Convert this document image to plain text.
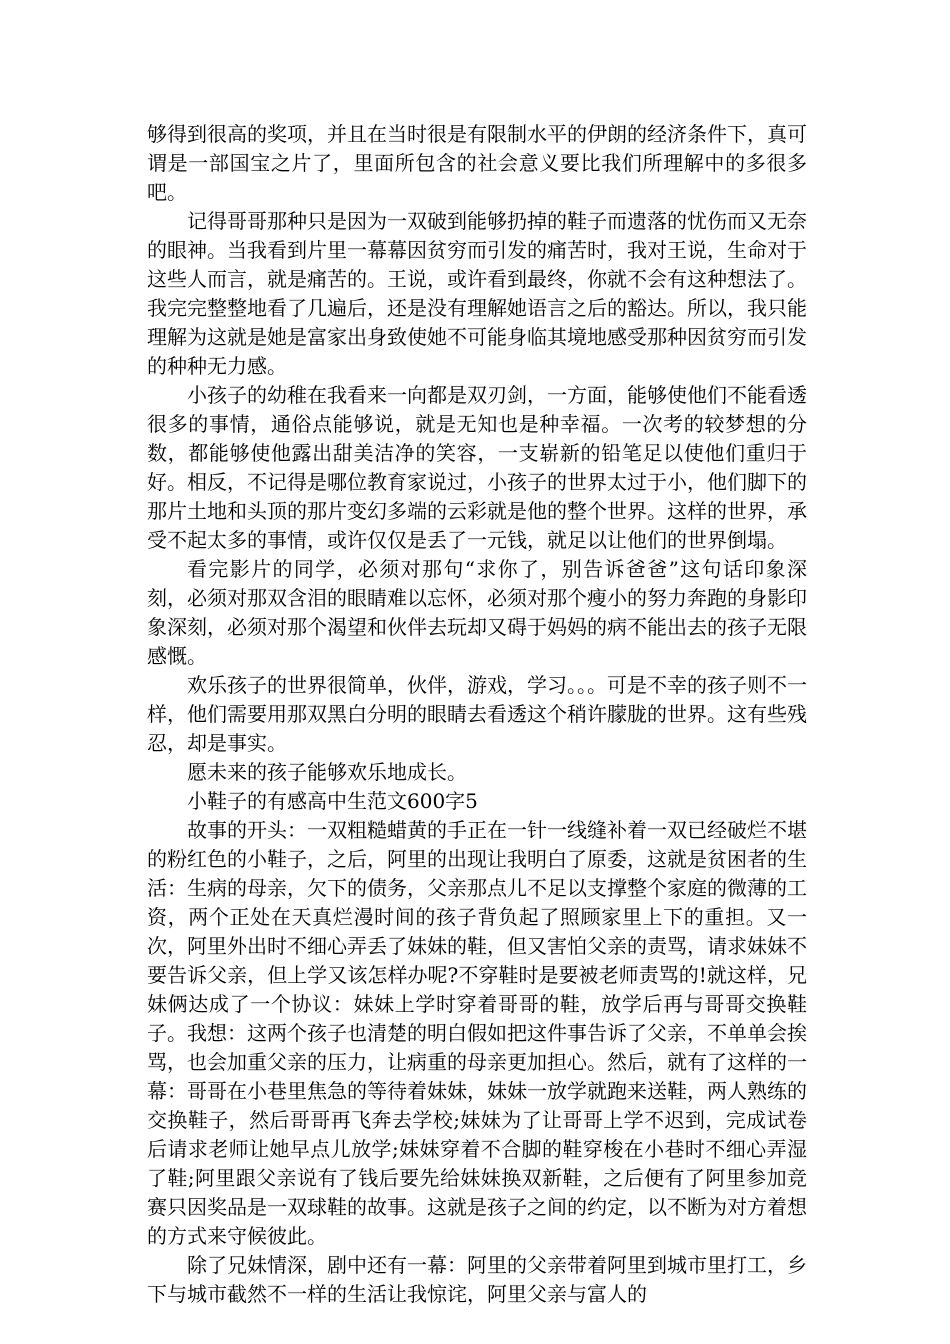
够得到很高的奖项，并且在当时很是有限制水平的伊朗的经济条件下，真可谓是一部国宝之片了，里面所包含的社会意义要比我们所理解中的多很多吧。

记得哥哥那种只是因为一双破到能够扔掉的鞋子而遗落的忧伤而又无奈的眼神。当我看到片里一幕幕因贫穷而引发的痛苦时，我对王说，生命对于这些人而言，就是痛苦的。王说，或许看到最终，你就不会有这种想法了。我完完整整地看了几遍后，还是没有理解她语言之后的豁达。所以，我只能理解为这就是她是富家出身致使她不可能身临其境地感受那种因贫穷而引发的种种无力感。

小孩子的幼稚在我看来一向都是双刃剑，一方面，能够使他们不能看透很多的事情，通俗点能够说，就是无知也是种幸福。一次考的较梦想的分数，都能够使他露出甜美洁净的笑容，一支崭新的铅笔足以使他们重归于好。相反，不记得是哪位教育家说过，小孩子的世界太过于小，他们脚下的那片土地和头顶的那片变幻多端的云彩就是他的整个世界。这样的世界，承受不起太多的事情，或许仅仅是丢了一元钱，就足以让他们的世界倒塌。

看完影片的同学，必须对那句“求你了，别告诉爸爸”这句话印象深刻，必须对那双含泪的眼睛难以忘怀，必须对那个瘦小的努力奔跑的身影印象深刻，必须对那个渴望和伙伴去玩却又碍于妈妈的病不能出去的孩子无限感慨。

欢乐孩子的世界很简单，伙伴，游戏，学习。。。可是不幸的孩子则不一样，他们需要用那双黑白分明的眼睛去看透这个稍许朦胧的世界。这有些残忍，却是事实。

愿未来的孩子能够欢乐地成长。

小鞋子的有感高中生范文600字5

故事的开头：一双粗糙蜡黄的手正在一针一线缝补着一双已经破烂不堪的粉红色的小鞋子，之后，阿里的出现让我明白了原委，这就是贫困者的生活：生病的母亲，欠下的债务，父亲那点儿不足以支撑整个家庭的微薄的工资，两个正处在天真烂漫时间的孩子背负起了照顾家里上下的重担。又一次，阿里外出时不细心弄丢了妹妹的鞋，但又害怕父亲的责骂，请求妹妹不要告诉父亲，但上学又该怎样办呢?不穿鞋时是要被老师责骂的!就这样，兄妹俩达成了一个协议：妹妹上学时穿着哥哥的鞋，放学后再与哥哥交换鞋子。我想：这两个孩子也清楚的明白假如把这件事告诉了父亲，不单单会挨骂，也会加重父亲的压力，让病重的母亲更加担心。然后，就有了这样的一幕：哥哥在小巷里焦急的等待着妹妹，妹妹一放学就跑来送鞋，两人熟练的交换鞋子，然后哥哥再飞奔去学校;妹妹为了让哥哥上学不迟到，完成试卷后请求老师让她早点儿放学;妹妹穿着不合脚的鞋穿梭在小巷时不细心弄湿了鞋;阿里跟父亲说有了钱后要先给妹妹换双新鞋，之后便有了阿里参加竞赛只因奖品是一双球鞋的故事。这就是孩子之间的约定，以不断为对方着想的方式来守候彼此。

除了兄妹情深，剧中还有一幕：阿里的父亲带着阿里到城市里打工，乡下与城市截然不一样的生活让我惊诧，阿里父亲与富人的
